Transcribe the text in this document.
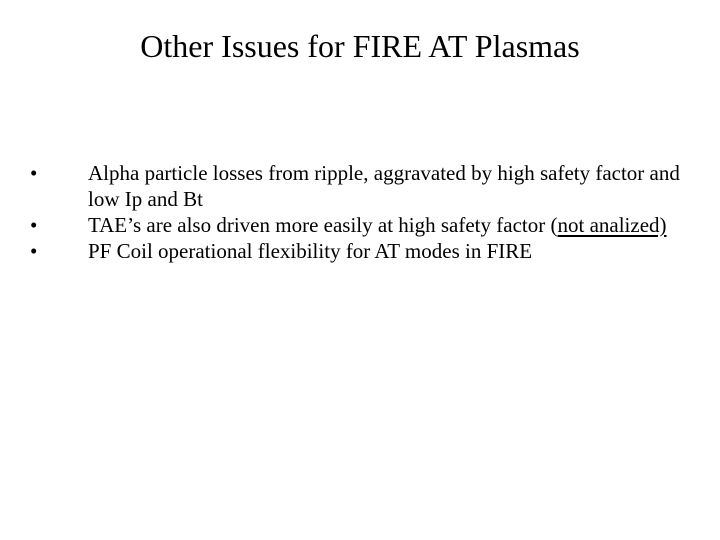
Other Issues for FIRE AT Plasmas
•	Alpha particle losses from ripple, aggravated by high safety factor and low Ip and Bt
•	TAE’s are also driven more easily at high safety factor (not analized)
•	PF Coil operational flexibility for AT modes in FIRE
